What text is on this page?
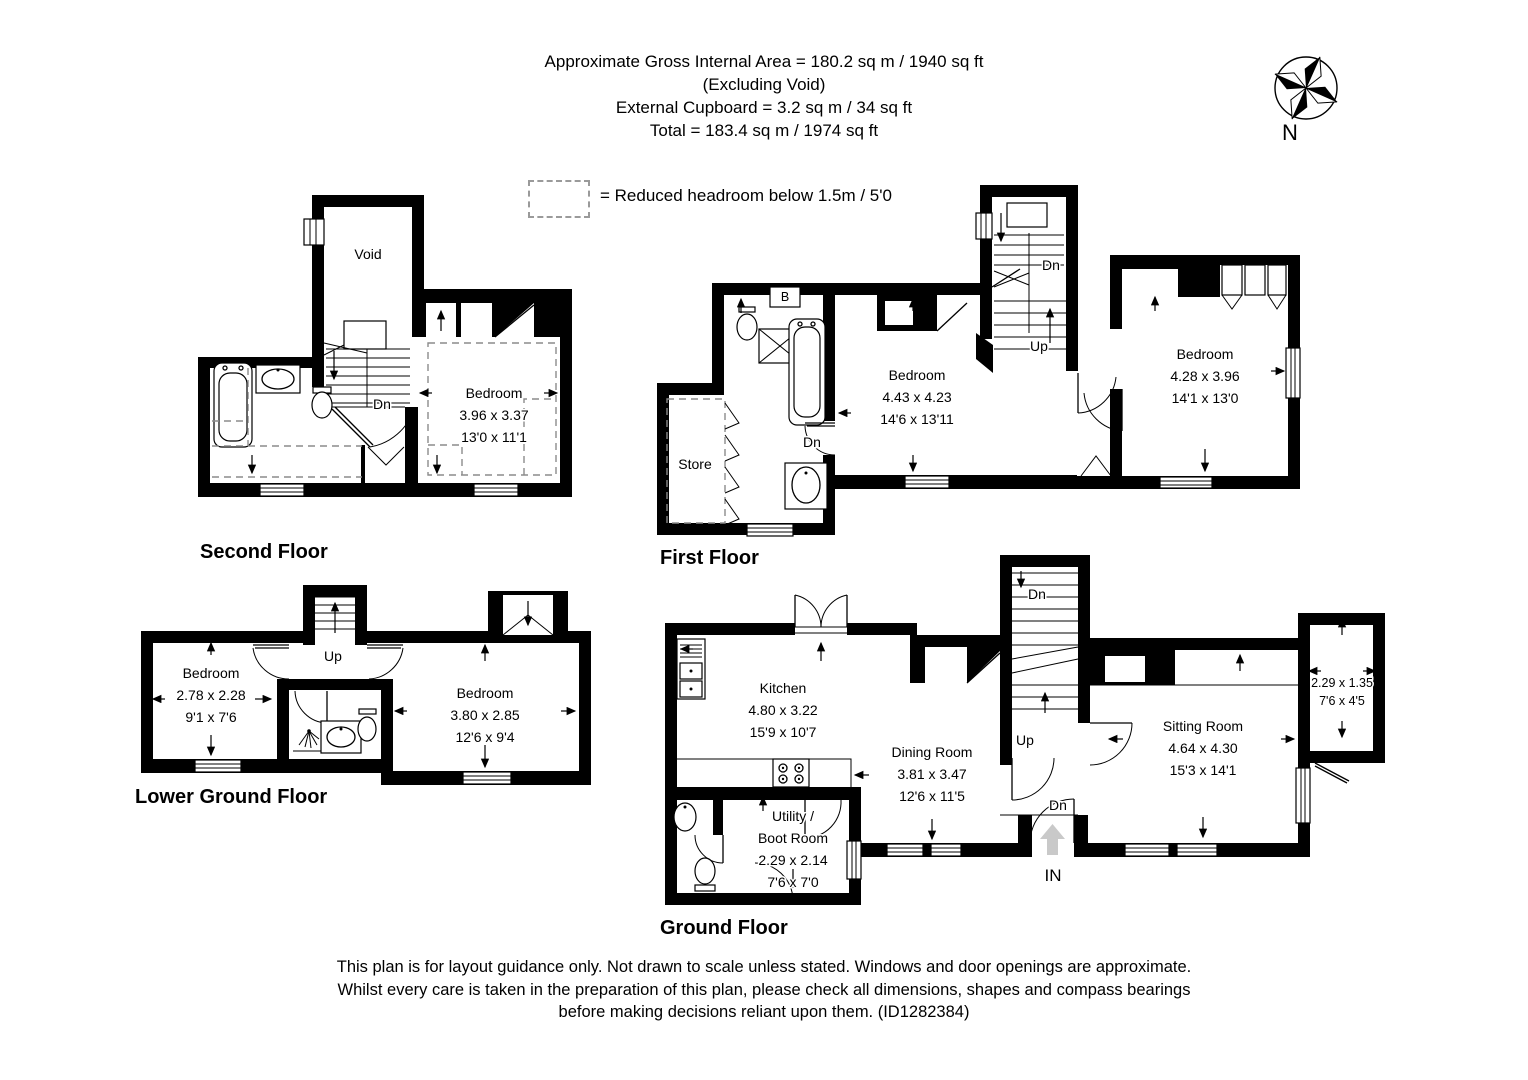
Approximate Gross Internal Area = 180.2 sq m / 1940 sq ft
(Excluding Void)
External Cupboard = 3.2 sq m / 34 sq ft
Total = 183.4 sq m / 1974 sq ft	N
= Reduced headroom below 1.5m / 5'0
Void
Dn
Bedroom
3.96 x 3.37
13'0 x 11'1
Second Floor
B
Store
Dn
Up
Dn
Bedroom
4.43 x 4.23
14'6 x 13'11
Bedroom
4.28 x 3.96
14'1 x 13'0
First Floor
Up
Bedroom
2.78 x 2.28
9'1 x 7'6
Bedroom
3.80 x 2.85
12'6 x 9'4
Lower Ground Floor
Dn
Up
Dn
IN
Kitchen
4.80 x 3.22
15'9 x 10'7
Dining Room
3.81 x 3.47
12'6 x 11'5
Sitting Room
4.64 x 4.30
15'3 x 14'1
2.29 x 1.35
7'6 x 4'5
Utility /
Boot Room
2.29 x 2.14
7'6 x 7'0
Ground Floor
This plan is for layout guidance only. Not drawn to scale unless stated. Windows and door openings are approximate.
Whilst every care is taken in the preparation of this plan, please check all dimensions, shapes and compass bearings
before making decisions reliant upon them. (ID1282384)
